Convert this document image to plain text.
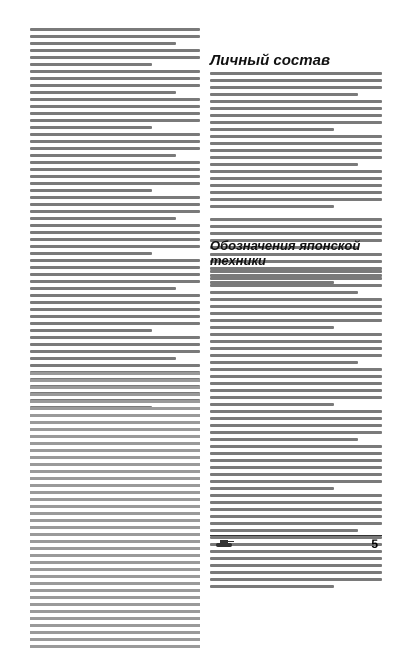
Личный состав
Обозначения японской техники
5
